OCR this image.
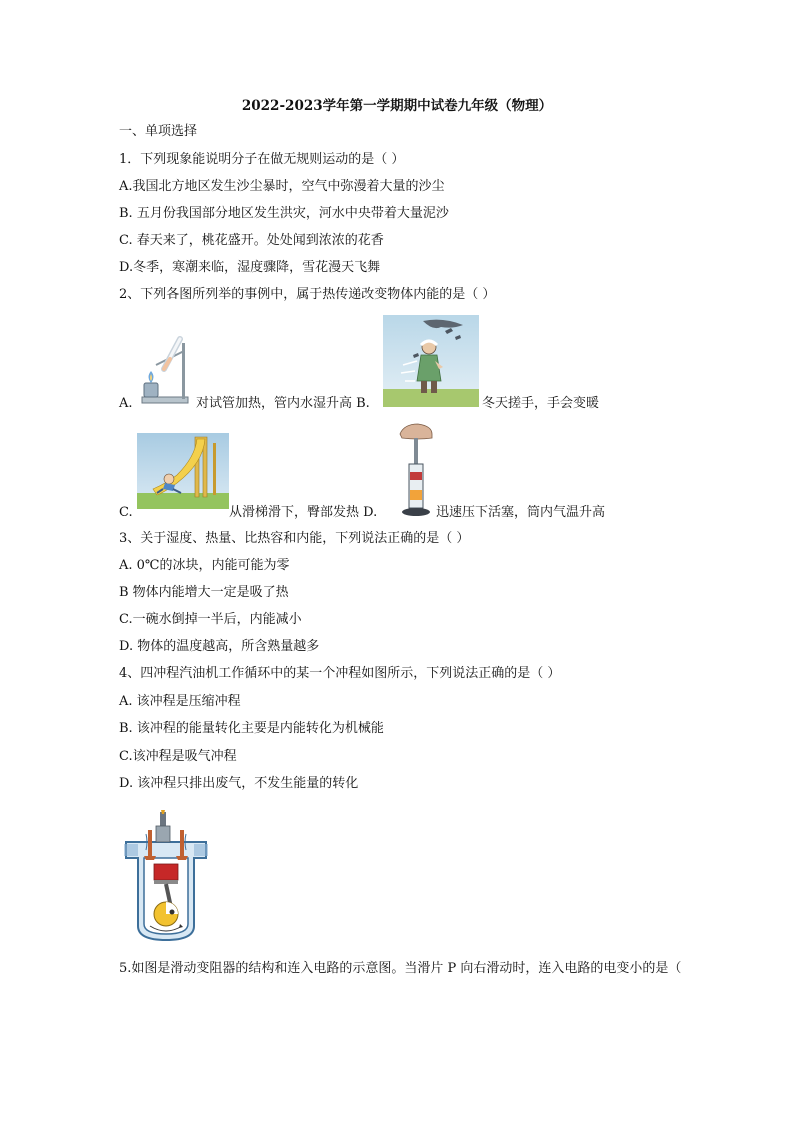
2022-2023学年第一学期期中试卷九年级（物理）
一、单项选择
1．下列现象能说明分子在做无规则运动的是（ ）
A.我国北方地区发生沙尘暴时，空气中弥漫着大量的沙尘
B. 五月份我国部分地区发生洪灾，河水中央带着大量泥沙
C. 春天来了，桃花盛开。处处闻到浓浓的花香
D.冬季，寒潮来临，湿度骤降，雪花漫天飞舞
2、下列各图所列举的事例中，属于热传递改变物体内能的是（ ）
A.	对试管加热，管内水湿升高 B.	冬天搓手，手会变暖
C.	从滑梯滑下，臀部发热 D.	迅速压下活塞，筒内气温升高
3、关于湿度、热量、比热容和内能，下列说法正确的是（ ）
A. 0℃的冰块，内能可能为零
B 物体内能增大一定是吸了热
C.一碗水倒掉一半后，内能减小
D. 物体的温度越高，所含熟量越多
4、四冲程汽油机工作循环中的某一个冲程如图所示，下列说法正确的是（ ）
A. 该冲程是压缩冲程
B. 该冲程的能量转化主要是内能转化为机械能
C.该冲程是吸气冲程
D. 该冲程只排出废气，不发生能量的转化
5.如图是滑动变阻器的结构和连入电路的示意图。当滑片 P 向右滑动时，连入电路的电变小的是（
